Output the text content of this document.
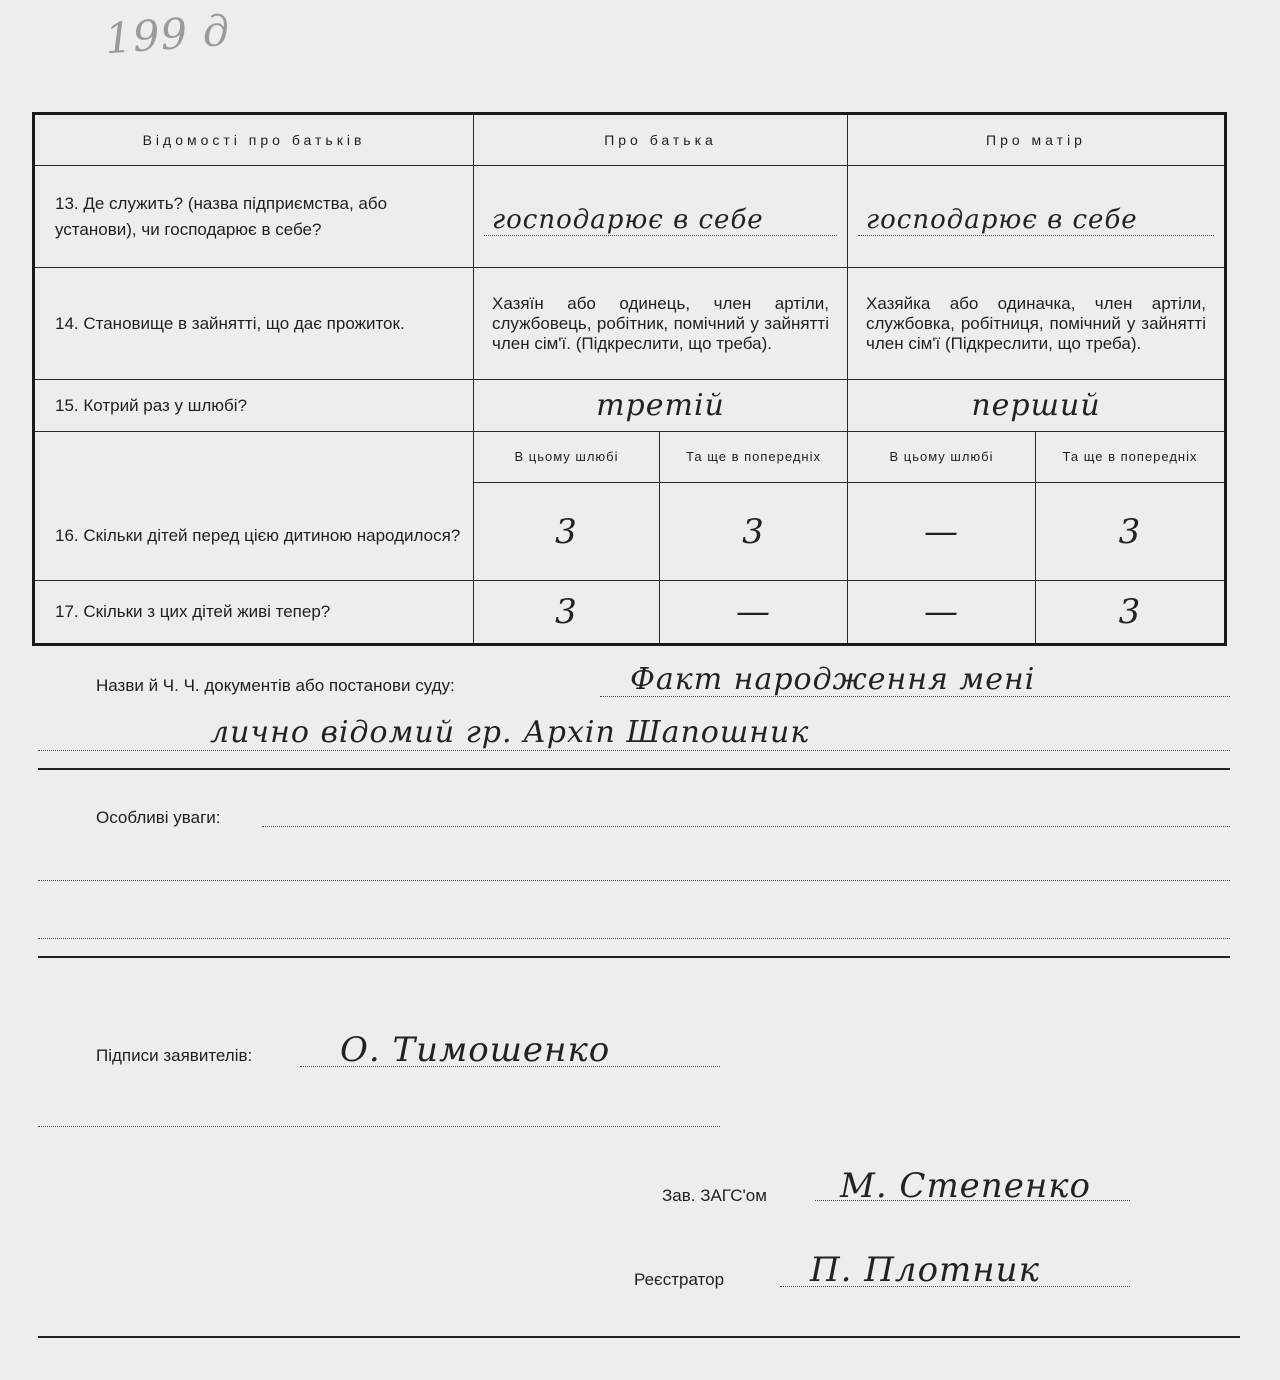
199 д
Відомості про батьків	Про батька		Про матір	
13. Де служить? (назва підприємства, або установи), чи господарює в себе?	господарює в себе		господарює в себе	

14. Становище в зайнятті, що дає прожиток.	Хазяїн або одинець, член артіли, службовець, робітник, помічний у зайнятті член сім'ї. (Підкреслити, що треба).		Хазяйка або одиначка, член артіли, службовка, робітниця, помічний у зайнятті член сім'ї (Підкреслити, що треба).	
15. Котрий раз у шлюбі?	третій		перший	
16. Скільки дітей перед цією дитиною народилося?	В цьому шлюбі	Та ще в попередніх	В цьому шлюбі	Та ще в попередніх
	3	3	—	3
17. Скільки з цих дітей живі тепер?	3	—	—	3
Назви й Ч. Ч. документів або постанови суду:	Факт народження мені
лично відомий гр. Архіп Шапошник
Особливі уваги:
Підписи заявителів:	О. Тимошенко
Зав. ЗАГС'ом М. Степенко
Реєстратор	П. Плотник
